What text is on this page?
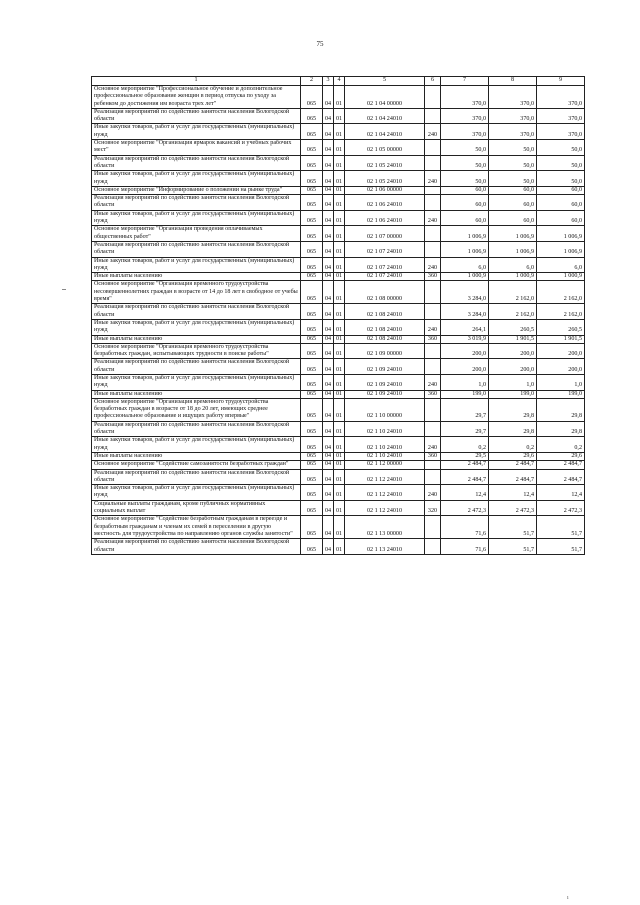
75
1	2	3	4	5	6	7	8	9
Основное мероприятие "Профессиональное обучение и дополнительное профессиональное образование женщин в период отпуска по уходу за ребенком до достижения им возраста трех лет"	065	04	01	02 1 04 00000		370,0	370,0	370,0
Реализация мероприятий по содействию занятости населения Вологодской области	065	04	01	02 1 04 24010		370,0	370,0	370,0
Иные закупки товаров, работ и услуг для государственных (муниципальных) нужд	065	04	01	02 1 04 24010	240	370,0	370,0	370,0
Основное мероприятие "Организация ярмарок вакансий и учебных рабочих мест"	065	04	01	02 1 05 00000		50,0	50,0	50,0
Реализация мероприятий по содействию занятости населения Вологодской области	065	04	01	02 1 05 24010		50,0	50,0	50,0
Иные закупки товаров, работ и услуг для государственных (муниципальных) нужд	065	04	01	02 1 05 24010	240	50,0	50,0	50,0
Основное мероприятие "Информирование о положении на рынке труда"	065	04	01	02 1 06 00000		60,0	60,0	60,0
Реализация мероприятий по содействию занятости населения Вологодской области	065	04	01	02 1 06 24010		60,0	60,0	60,0
Иные закупки товаров, работ и услуг для государственных (муниципальных) нужд	065	04	01	02 1 06 24010	240	60,0	60,0	60,0
Основное мероприятие "Организация проведения оплачиваемых общественных работ"	065	04	01	02 1 07 00000		1 006,9	1 006,9	1 006,9
Реализация мероприятий по содействию занятости населения Вологодской области	065	04	01	02 1 07 24010		1 006,9	1 006,9	1 006,9
Иные закупки товаров, работ и услуг для государственных (муниципальных) нужд	065	04	01	02 1 07 24010	240	6,0	6,0	6,0
Иные выплаты населению	065	04	01	02 1 07 24010	360	1 000,9	1 000,9	1 000,9
Основное мероприятие "Организация временного трудоустройства несовершеннолетних граждан в возрасте от 14 до 18 лет в свободное от учебы время"	065	04	01	02 1 08 00000		3 284,0	2 162,0	2 162,0
Реализация мероприятий по содействию занятости населения Вологодской области	065	04	01	02 1 08 24010		3 284,0	2 162,0	2 162,0
Иные закупки товаров, работ и услуг для государственных (муниципальных) нужд	065	04	01	02 1 08 24010	240	264,1	260,5	260,5
Иные выплаты населению	065	04	01	02 1 08 24010	360	3 019,9	1 901,5	1 901,5
Основное мероприятие "Организация временного трудоустройства безработных граждан, испытывающих трудности в поиске работы"	065	04	01	02 1 09 00000		200,0	200,0	200,0
Реализация мероприятий по содействию занятости населения Вологодской области	065	04	01	02 1 09 24010		200,0	200,0	200,0
Иные закупки товаров, работ и услуг для государственных (муниципальных) нужд	065	04	01	02 1 09 24010	240	1,0	1,0	1,0
Иные выплаты населению	065	04	01	02 1 09 24010	360	199,0	199,0	199,0
Основное мероприятие "Организация временного трудоустройства безработных граждан в возрасте от 18 до 20 лет, имеющих среднее профессиональное образование и ищущих работу впервые"	065	04	01	02 1 10 00000		29,7	29,8	29,8
Реализация мероприятий по содействию занятости населения Вологодской области	065	04	01	02 1 10 24010		29,7	29,8	29,8
Иные закупки товаров, работ и услуг для государственных (муниципальных) нужд	065	04	01	02 1 10 24010	240	0,2	0,2	0,2
Иные выплаты населению	065	04	01	02 1 10 24010	360	29,5	29,6	29,6
Основное мероприятие "Содействие самозанятости безработных граждан"	065	04	01	02 1 12 00000		2 484,7	2 484,7	2 484,7
Реализация мероприятий по содействию занятости населения Вологодской области	065	04	01	02 1 12 24010		2 484,7	2 484,7	2 484,7
Иные закупки товаров, работ и услуг для государственных (муниципальных) нужд	065	04	01	02 1 12 24010	240	12,4	12,4	12,4
Социальные выплаты гражданам, кроме публичных нормативных социальных выплат	065	04	01	02 1 12 24010	320	2 472,3	2 472,3	2 472,3
Основное мероприятие "Содействие безработным гражданам в переезде и безработным гражданам и членам их семей в переселении в другую местность для трудоустройства по направлению органов службы занятости"	065	04	01	02 1 13 00000		71,6	51,7	51,7
Реализация мероприятий по содействию занятости населения Вологодской области	065	04	01	02 1 13 24010		71,6	51,7	51,7
ı
